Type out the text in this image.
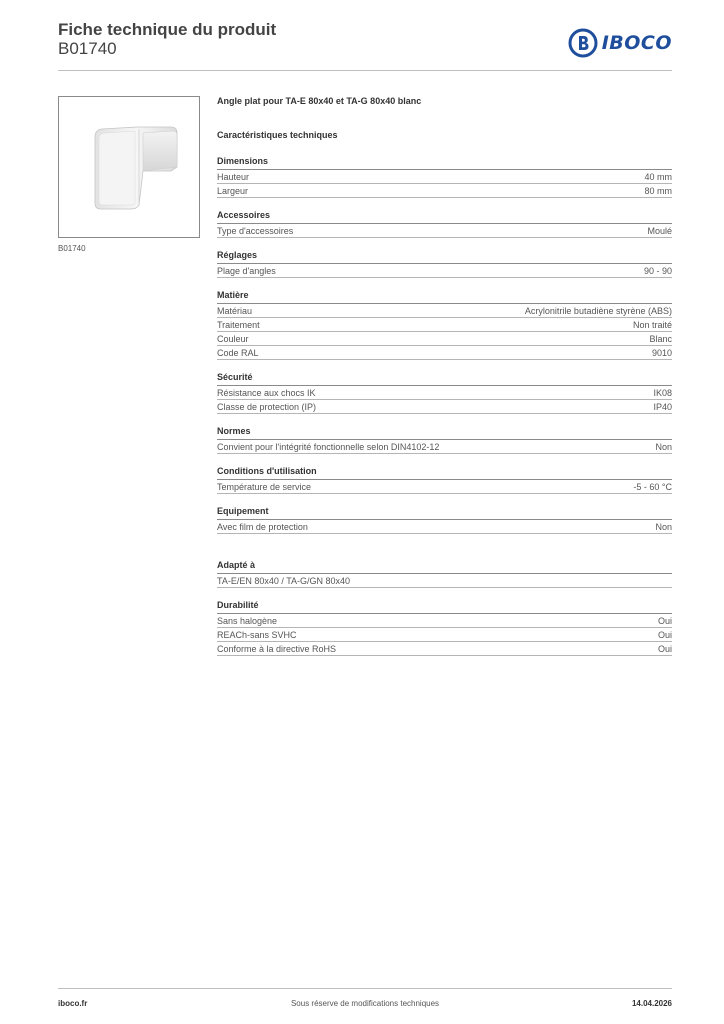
Fiche technique du produit
B01740	IBOCO
B01740
Angle plat pour TA-E 80x40 et TA-G 80x40 blanc
Caractéristiques techniques
Dimensions
Hauteur	40 mm
Largeur	80 mm
Accessoires
Type d'accessoires	Moulé
Réglages
Plage d'angles	90 - 90
Matière
Matériau	Acrylonitrile butadiène styrène (ABS)
Traitement	Non traité
Couleur	Blanc
Code RAL	9010
Sécurité
Résistance aux chocs IK	IK08
Classe de protection (IP)	IP40
Normes
Convient pour l'intégrité fonctionnelle selon DIN4102-12	Non
Conditions d'utilisation
Température de service	-5 - 60 °C
Equipement
Avec film de protection	Non
Adapté à
TA-E/EN 80x40 / TA-G/GN 80x40
Durabilité
Sans halogène	Oui
REACh-sans SVHC	Oui
Conforme à la directive RoHS	Oui
iboco.fr	Sous réserve de modifications techniques	14.04.2026
